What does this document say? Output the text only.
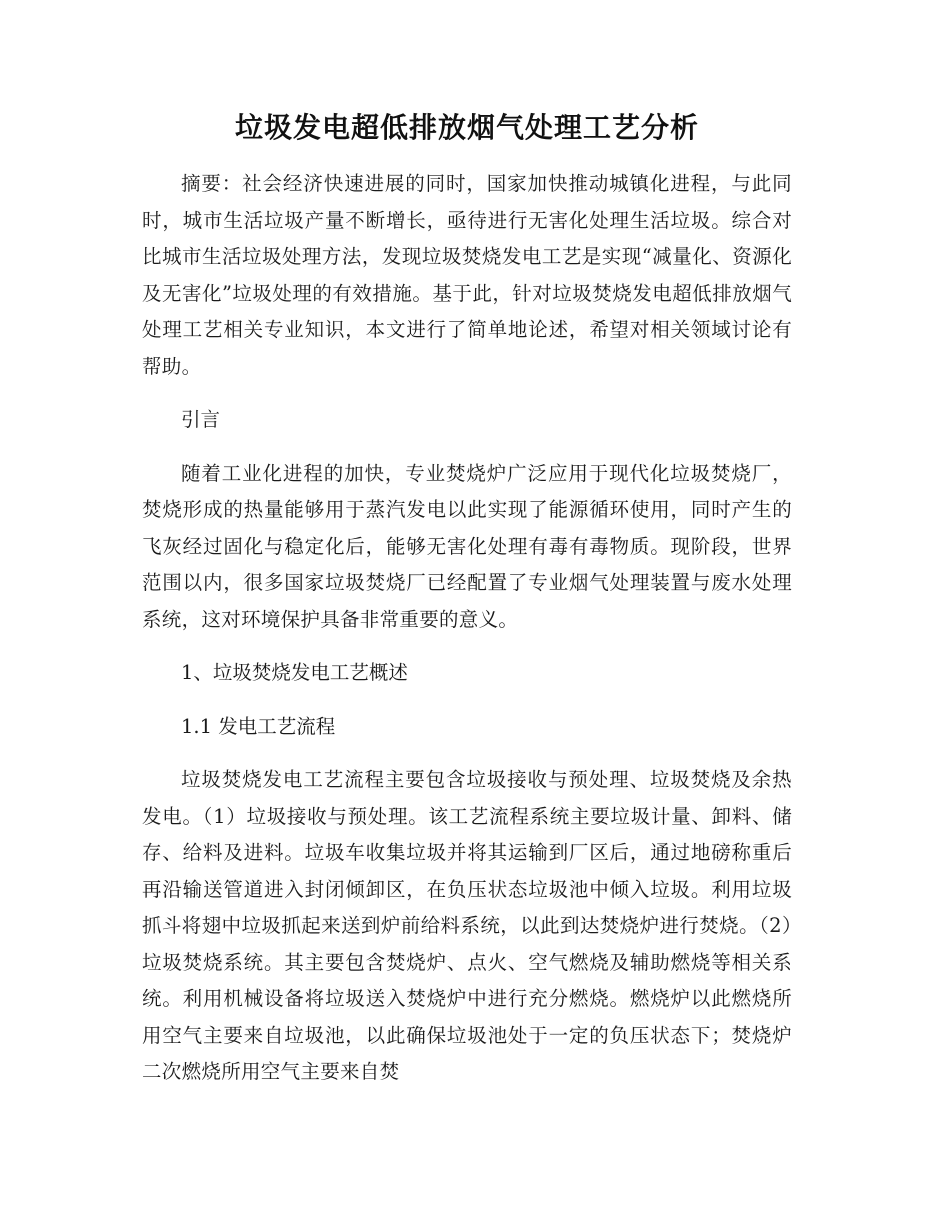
垃圾发电超低排放烟气处理工艺分析

摘要：社会经济快速进展的同时，国家加快推动城镇化进程，与此同时，城市生活垃圾产量不断增长，亟待进行无害化处理生活垃圾。综合对比城市生活垃圾处理方法，发现垃圾焚烧发电工艺是实现“减量化、资源化及无害化”垃圾处理的有效措施。基于此，针对垃圾焚烧发电超低排放烟气处理工艺相关专业知识，本文进行了简单地论述，希望对相关领域讨论有帮助。

引言

随着工业化进程的加快，专业焚烧炉广泛应用于现代化垃圾焚烧厂，焚烧形成的热量能够用于蒸汽发电以此实现了能源循环使用，同时产生的飞灰经过固化与稳定化后，能够无害化处理有毒有毒物质。现阶段，世界范围以内，很多国家垃圾焚烧厂已经配置了专业烟气处理装置与废水处理系统，这对环境保护具备非常重要的意义。

1、垃圾焚烧发电工艺概述

1.1 发电工艺流程

垃圾焚烧发电工艺流程主要包含垃圾接收与预处理、垃圾焚烧及余热发电。（1）垃圾接收与预处理。该工艺流程系统主要垃圾计量、卸料、储存、给料及进料。垃圾车收集垃圾并将其运输到厂区后，通过地磅称重后再沿输送管道进入封闭倾卸区，在负压状态垃圾池中倾入垃圾。利用垃圾抓斗将翅中垃圾抓起来送到炉前给料系统，以此到达焚烧炉进行焚烧。（2）垃圾焚烧系统。其主要包含焚烧炉、点火、空气燃烧及辅助燃烧等相关系统。利用机械设备将垃圾送入焚烧炉中进行充分燃烧。燃烧炉以此燃烧所用空气主要来自垃圾池，以此确保垃圾池处于一定的负压状态下；焚烧炉二次燃烧所用空气主要来自焚
